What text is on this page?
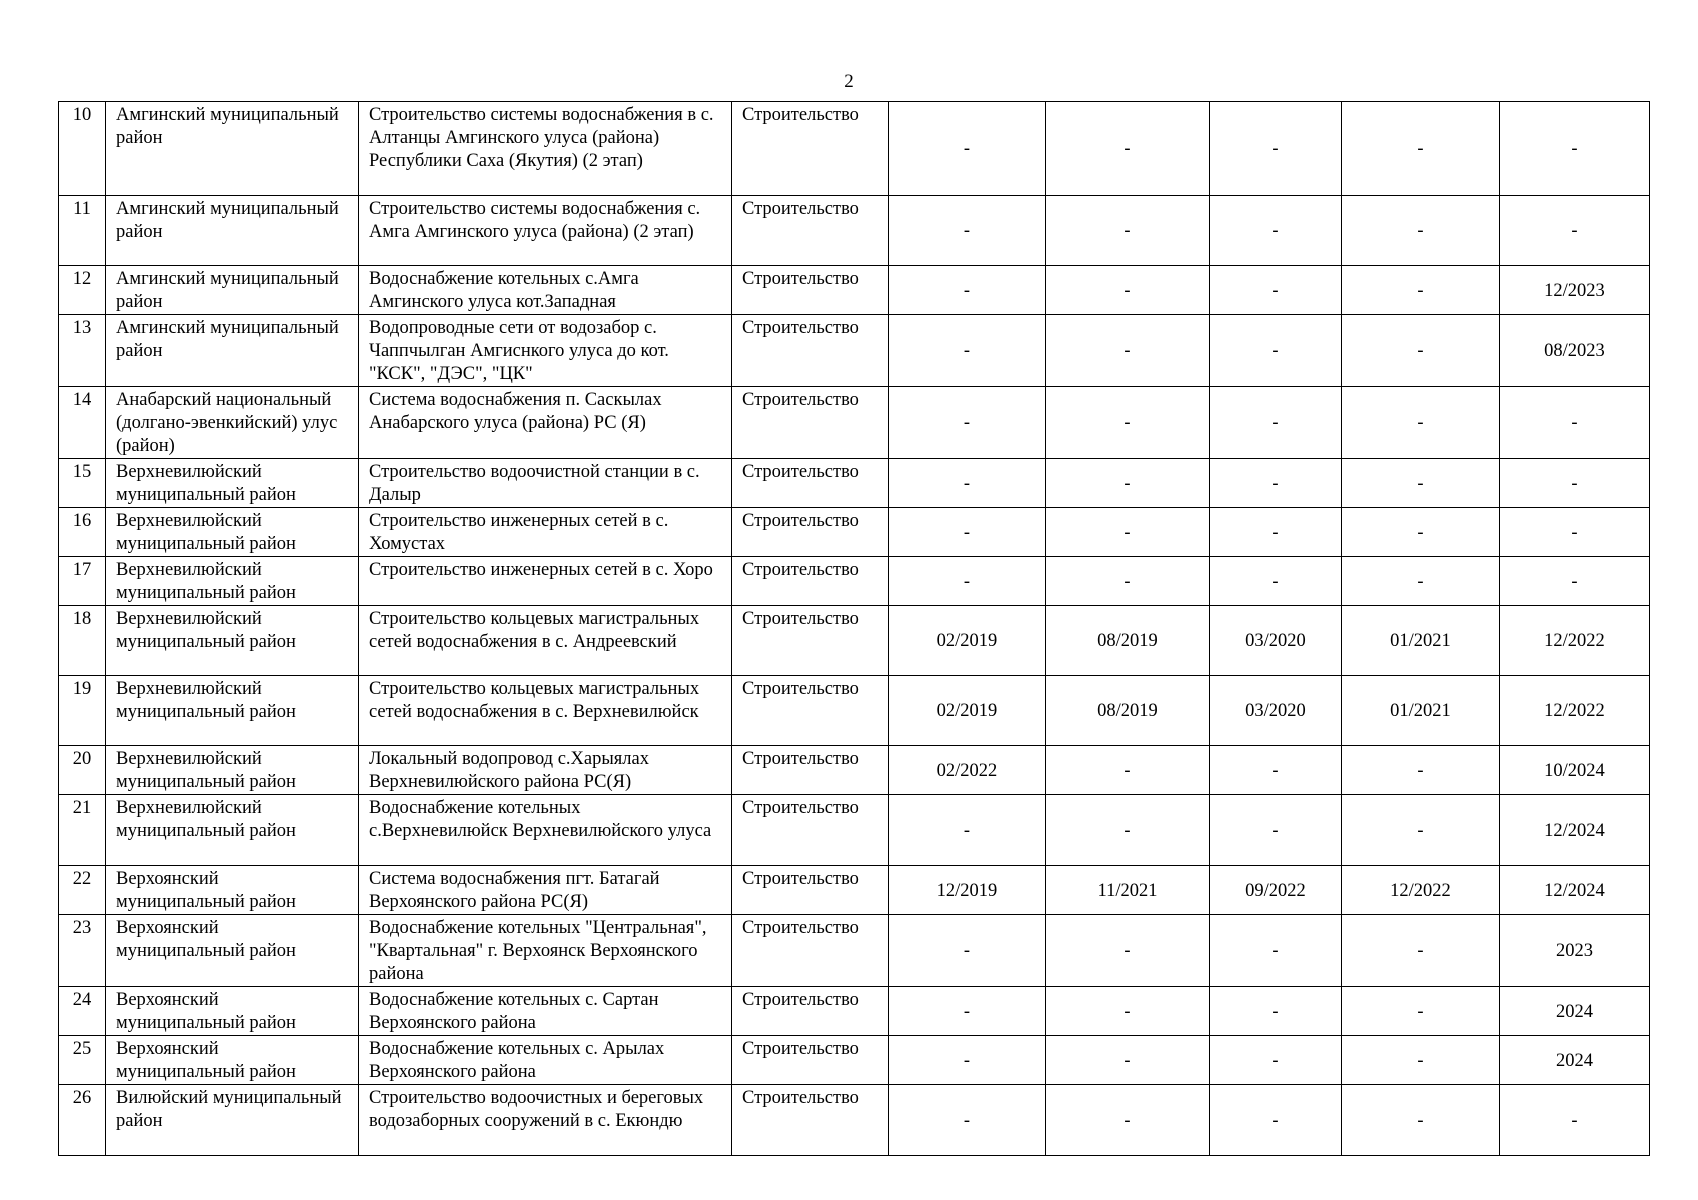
2
10	Амгинский муниципальный район	Строительство системы водоснабжения в с. Алтанцы Амгинского улуса (района) Республики Саха (Якутия) (2 этап)	Строительство	-	-	-	-	-
11	Амгинский муниципальный район	Строительство системы водоснабжения с. Амга Амгинского улуса (района) (2 этап)	Строительство	-	-	-	-	-
12	Амгинский муниципальный район	Водоснабжение котельных с.Амга Амгинского улуса кот.Западная	Строительство	-	-	-	-	12/2023
13	Амгинский муниципальный район	Водопроводные сети от водозабор с. Чаппчылган Амгиснкого улуса до кот. "КСК", "ДЭС", "ЦК"	Строительство	-	-	-	-	08/2023
14	Анабарский национальный (долгано-эвенкийский) улус (район)	Система водоснабжения п. Саскылах Анабарского улуса (района) РС (Я)	Строительство	-	-	-	-	-
15	Верхневилюйский муниципальный район	Строительство водоочистной станции в с. Далыр	Строительство	-	-	-	-	-
16	Верхневилюйский муниципальный район	Строительство инженерных сетей в с. Хомустах	Строительство	-	-	-	-	-
17	Верхневилюйский муниципальный район	Строительство инженерных сетей в с. Хоро	Строительство	-	-	-	-	-
18	Верхневилюйский муниципальный район	Строительство кольцевых магистральных сетей водоснабжения в с. Андреевский	Строительство	02/2019	08/2019	03/2020	01/2021	12/2022
19	Верхневилюйский муниципальный район	Строительство кольцевых магистральных сетей водоснабжения в с. Верхневилюйск	Строительство	02/2019	08/2019	03/2020	01/2021	12/2022
20	Верхневилюйский муниципальный район	Локальный водопровод с.Харыялах Верхневилюйского района РС(Я)	Строительство	02/2022	-	-	-	10/2024
21	Верхневилюйский муниципальный район	Водоснабжение котельных с.Верхневилюйск Верхневилюйского улуса	Строительство	-	-	-	-	12/2024
22	Верхоянский муниципальный район	Система водоснабжения пгт. Батагай Верхоянского района РС(Я)	Строительство	12/2019	11/2021	09/2022	12/2022	12/2024
23	Верхоянский муниципальный район	Водоснабжение котельных "Центральная", "Квартальная" г. Верхоянск Верхоянского района	Строительство	-	-	-	-	2023
24	Верхоянский муниципальный район	Водоснабжение котельных с. Сартан Верхоянского района	Строительство	-	-	-	-	2024
25	Верхоянский муниципальный район	Водоснабжение котельных с. Арылах Верхоянского района	Строительство	-	-	-	-	2024
26	Вилюйский муниципальный район	Строительство водоочистных и береговых водозаборных сооружений в с. Екюндю	Строительство	-	-	-	-	-
